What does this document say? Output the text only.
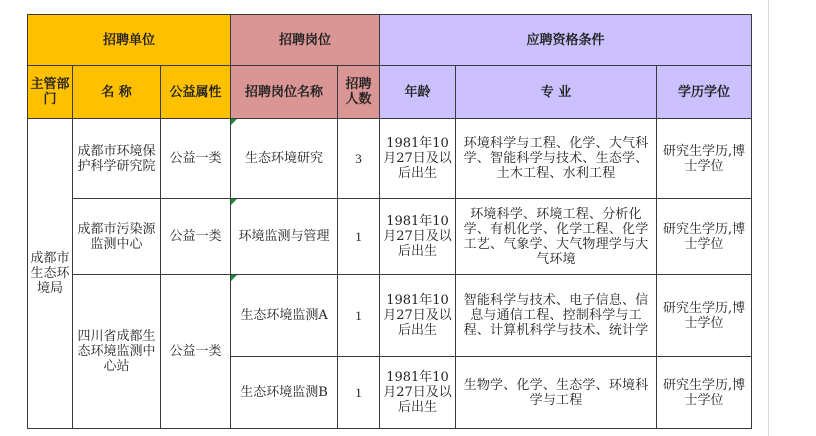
招聘单位			招聘岗位		应聘资格条件		
主管部门	名 称	公益属性	招聘岗位名称	招聘人数	年龄	专 业	学历学位
成都市生态环境局	成都市环境保护科学研究院	公益一类	生态环境研究	3	1981年10月27日及以后出生	环境科学与工程、化学、大气科学、智能科学与技术、生态学、土木工程、水利工程	研究生学历,博士学位
	成都市污染源监测中心	公益一类	环境监测与管理	1	1981年10月27日及以后出生	环境科学、环境工程、分析化学、有机化学、化学工程、化学工艺、气象学、大气物理学与大气环境	研究生学历,博士学位
	四川省成都生态环境监测中心站	公益一类	生态环境监测A	1	1981年10月27日及以后出生	智能科学与技术、电子信息、信息与通信工程、控制科学与工程、计算机科学与技术、统计学	研究生学历,博士学位
			生态环境监测B	1	1981年10月27日及以后出生	生物学、化学、生态学、环境科学与工程	研究生学历,博士学位
